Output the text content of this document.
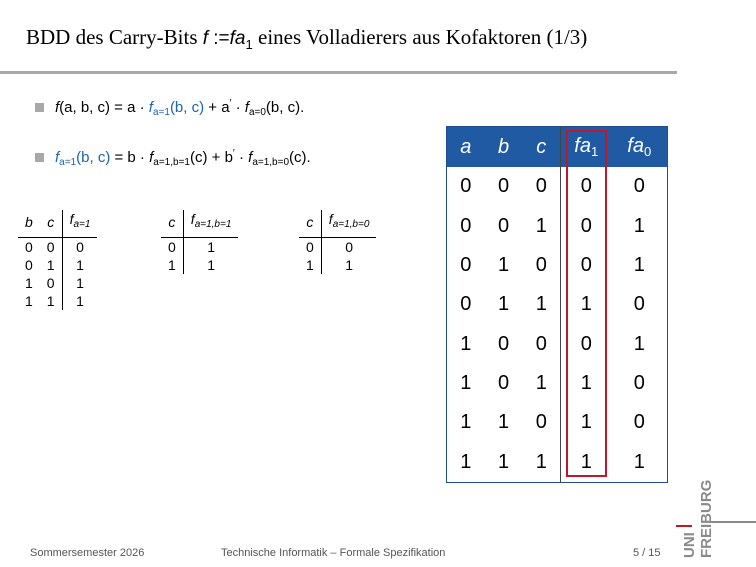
BDD des Carry-Bits f $:=fa_1$ eines Volladierers aus Kofaktoren (1/3)
f(a, b, $c) = a \cdot f_{a=1}(b$, $c) + a' \cdot f_{a=0}(b$, c).
$f_{a=1}(b$, $c) = b \cdot f_{a=1,b=1}(c) + b' \cdot f_{a=1,b=0}(c)$.
b	c	$f_{a=1}$
0	0	0
0	1	1
1	0	1
1	1	1
c	$f_{a=1,b=1}$
0	1
1	1
c	$f_{a=1,b=0}$
0	0
1	1
a	b	c	$fa_1$	$fa_0$
0	0	0	0	0
0	0	1	0	1
0	1	0	0	1
0	1	1	1	0
1	0	0	0	1
1	0	1	1	0
1	1	0	1	0
1	1	1	1	1
Sommersemester 2026	Technische Informatik – Formale Spezifikation	5 / 15 UNI FREIBURG
